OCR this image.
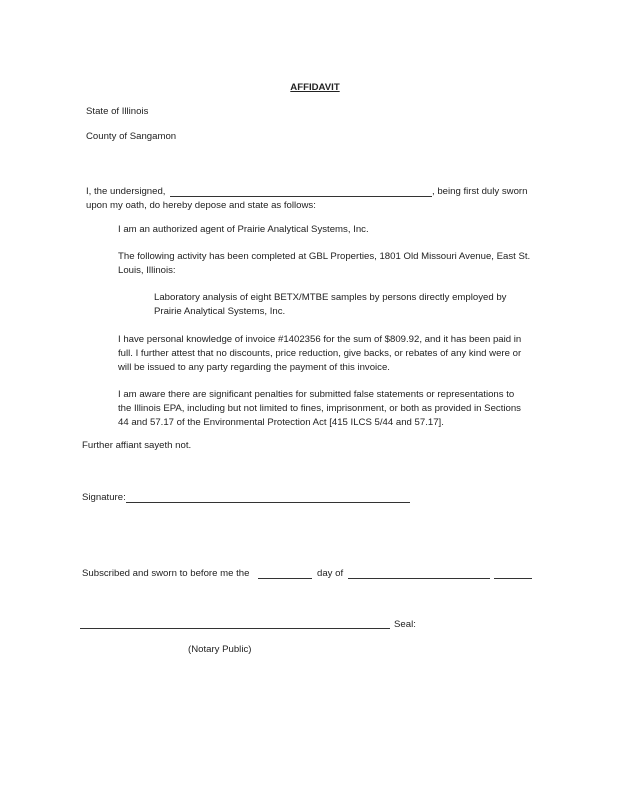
AFFIDAVIT
State of Illinois
County of Sangamon
I, the undersigned,	, being first duly sworn
upon my oath, do hereby depose and state as follows:
I am an authorized agent of Prairie Analytical Systems, Inc.
The following activity has been completed at GBL Properties, 1801 Old Missouri Avenue, East St.
Louis, Illinois:
Laboratory analysis of eight BETX/MTBE samples by persons directly employed by
Prairie Analytical Systems, Inc.
I have personal knowledge of invoice #1402356 for the sum of $809.92, and it has been paid in
full. I further attest that no discounts, price reduction, give backs, or rebates of any kind were or
will be issued to any party regarding the payment of this invoice.
I am aware there are significant penalties for submitted false statements or representations to
the Illinois EPA, including but not limited to fines, imprisonment, or both as provided in Sections
44 and 57.17 of the Environmental Protection Act [415 ILCS 5/44 and 57.17].
Further affiant sayeth not.
Signature:
Subscribed and sworn to before me the	day of
Seal:
(Notary Public)
